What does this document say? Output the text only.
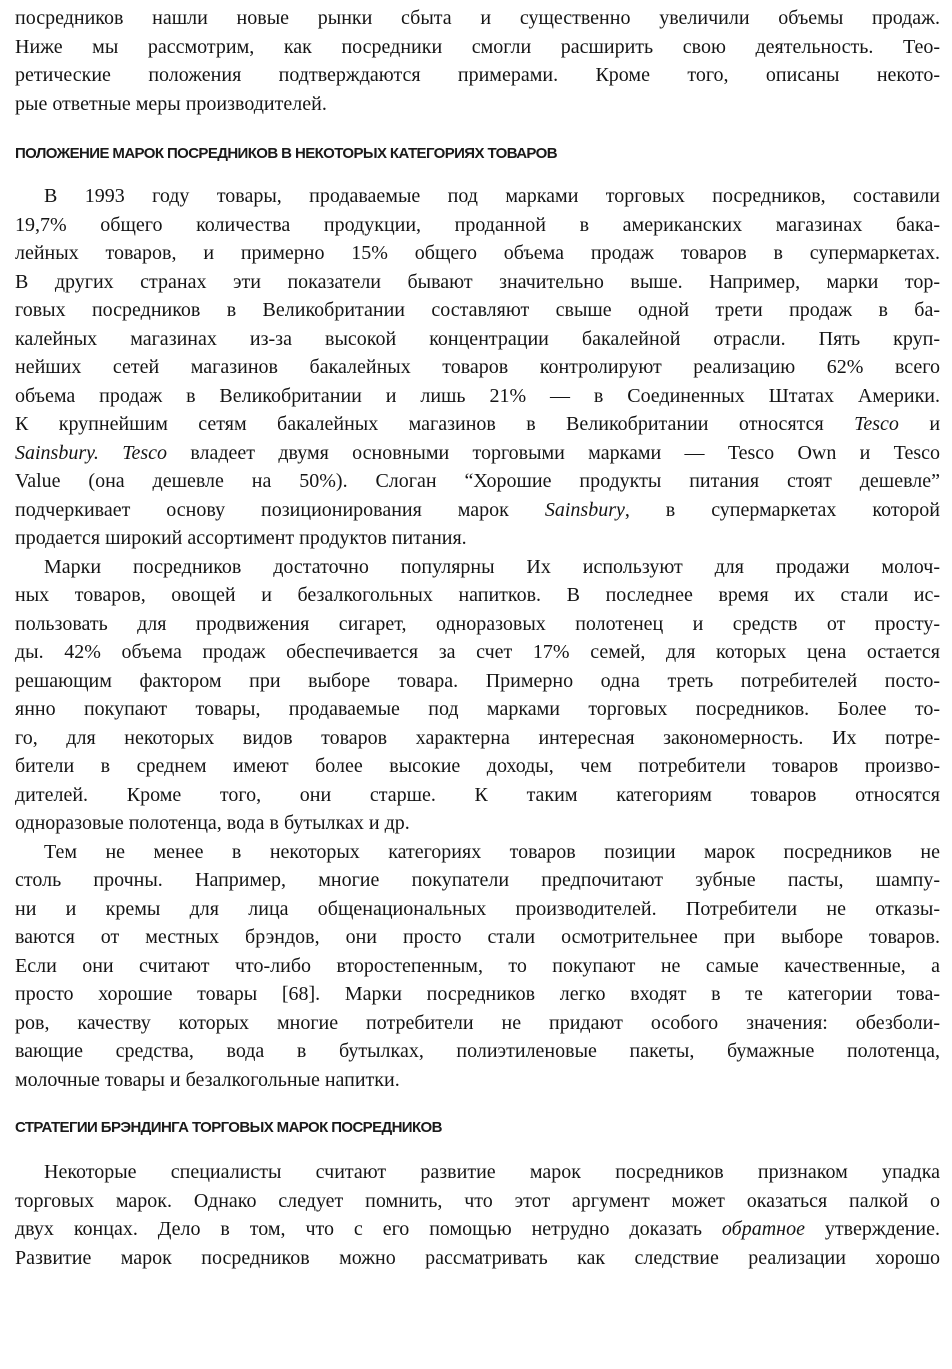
посредников нашли новые рынки сбыта и существенно увеличили объемы продаж.
Ниже мы рассмотрим, как посредники смогли расширить свою деятельность. Тео-
ретические положения подтверждаются примерами. Кроме того, описаны некото-
рые ответные меры производителей.

ПОЛОЖЕНИЕ МАРОК ПОСРЕДНИКОВ В НЕКОТОРЫХ КАТЕГОРИЯХ ТОВАРОВ

В 1993 году товары, продаваемые под марками торговых посредников, составили
19,7% общего количества продукции, проданной в американских магазинах бака-
лейных товаров, и примерно 15% общего объема продаж товаров в супермаркетах.
В других странах эти показатели бывают значительно выше. Например, марки тор-
говых посредников в Великобритании составляют свыше одной трети продаж в ба-
калейных магазинах из-за высокой концентрации бакалейной отрасли. Пять круп-
нейших сетей магазинов бакалейных товаров контролируют реализацию 62% всего
объема продаж в Великобритании и лишь 21% — в Соединенных Штатах Америки.
К крупнейшим сетям бакалейных магазинов в Великобритании относятся Tesco и
Sainsbury. Tesco владеет двумя основными торговыми марками — Tesco Own и Tesco
Value (она дешевле на 50%). Слоган “Хорошие продукты питания стоят дешевле”
подчеркивает основу позиционирования марок Sainsbury, в супермаркетах которой
продается широкий ассортимент продуктов питания.

Марки посредников достаточно популярны Их используют для продажи молоч-
ных товаров, овощей и безалкогольных напитков. В последнее время их стали ис-
пользовать для продвижения сигарет, одноразовых полотенец и средств от просту-
ды. 42% объема продаж обеспечивается за счет 17% семей, для которых цена остается
решающим фактором при выборе товара. Примерно одна треть потребителей посто-
янно покупают товары, продаваемые под марками торговых посредников. Более то-
го, для некоторых видов товаров характерна интересная закономерность. Их потре-
бители в среднем имеют более высокие доходы, чем потребители товаров произво-
дителей. Кроме того, они старше. К таким категориям товаров относятся
одноразовые полотенца, вода в бутылках и др.

Тем не менее в некоторых категориях товаров позиции марок посредников не
столь прочны. Например, многие покупатели предпочитают зубные пасты, шампу-
ни и кремы для лица общенациональных производителей. Потребители не отказы-
ваются от местных брэндов, они просто стали осмотрительнее при выборе товаров.
Если они считают что-либо второстепенным, то покупают не самые качественные, а
просто хорошие товары [68]. Марки посредников легко входят в те категории това-
ров, качеству которых многие потребители не придают особого значения: обезболи-
вающие средства, вода в бутылках, полиэтиленовые пакеты, бумажные полотенца,
молочные товары и безалкогольные напитки.

СТРАТЕГИИ БРЭНДИНГА ТОРГОВЫХ МАРОК ПОСРЕДНИКОВ

Некоторые специалисты считают развитие марок посредников признаком упадка
торговых марок. Однако следует помнить, что этот аргумент может оказаться палкой о
двух концах. Дело в том, что с его помощью нетрудно доказать обратное утверждение.
Развитие марок посредников можно рассматривать как следствие реализации хорошо
